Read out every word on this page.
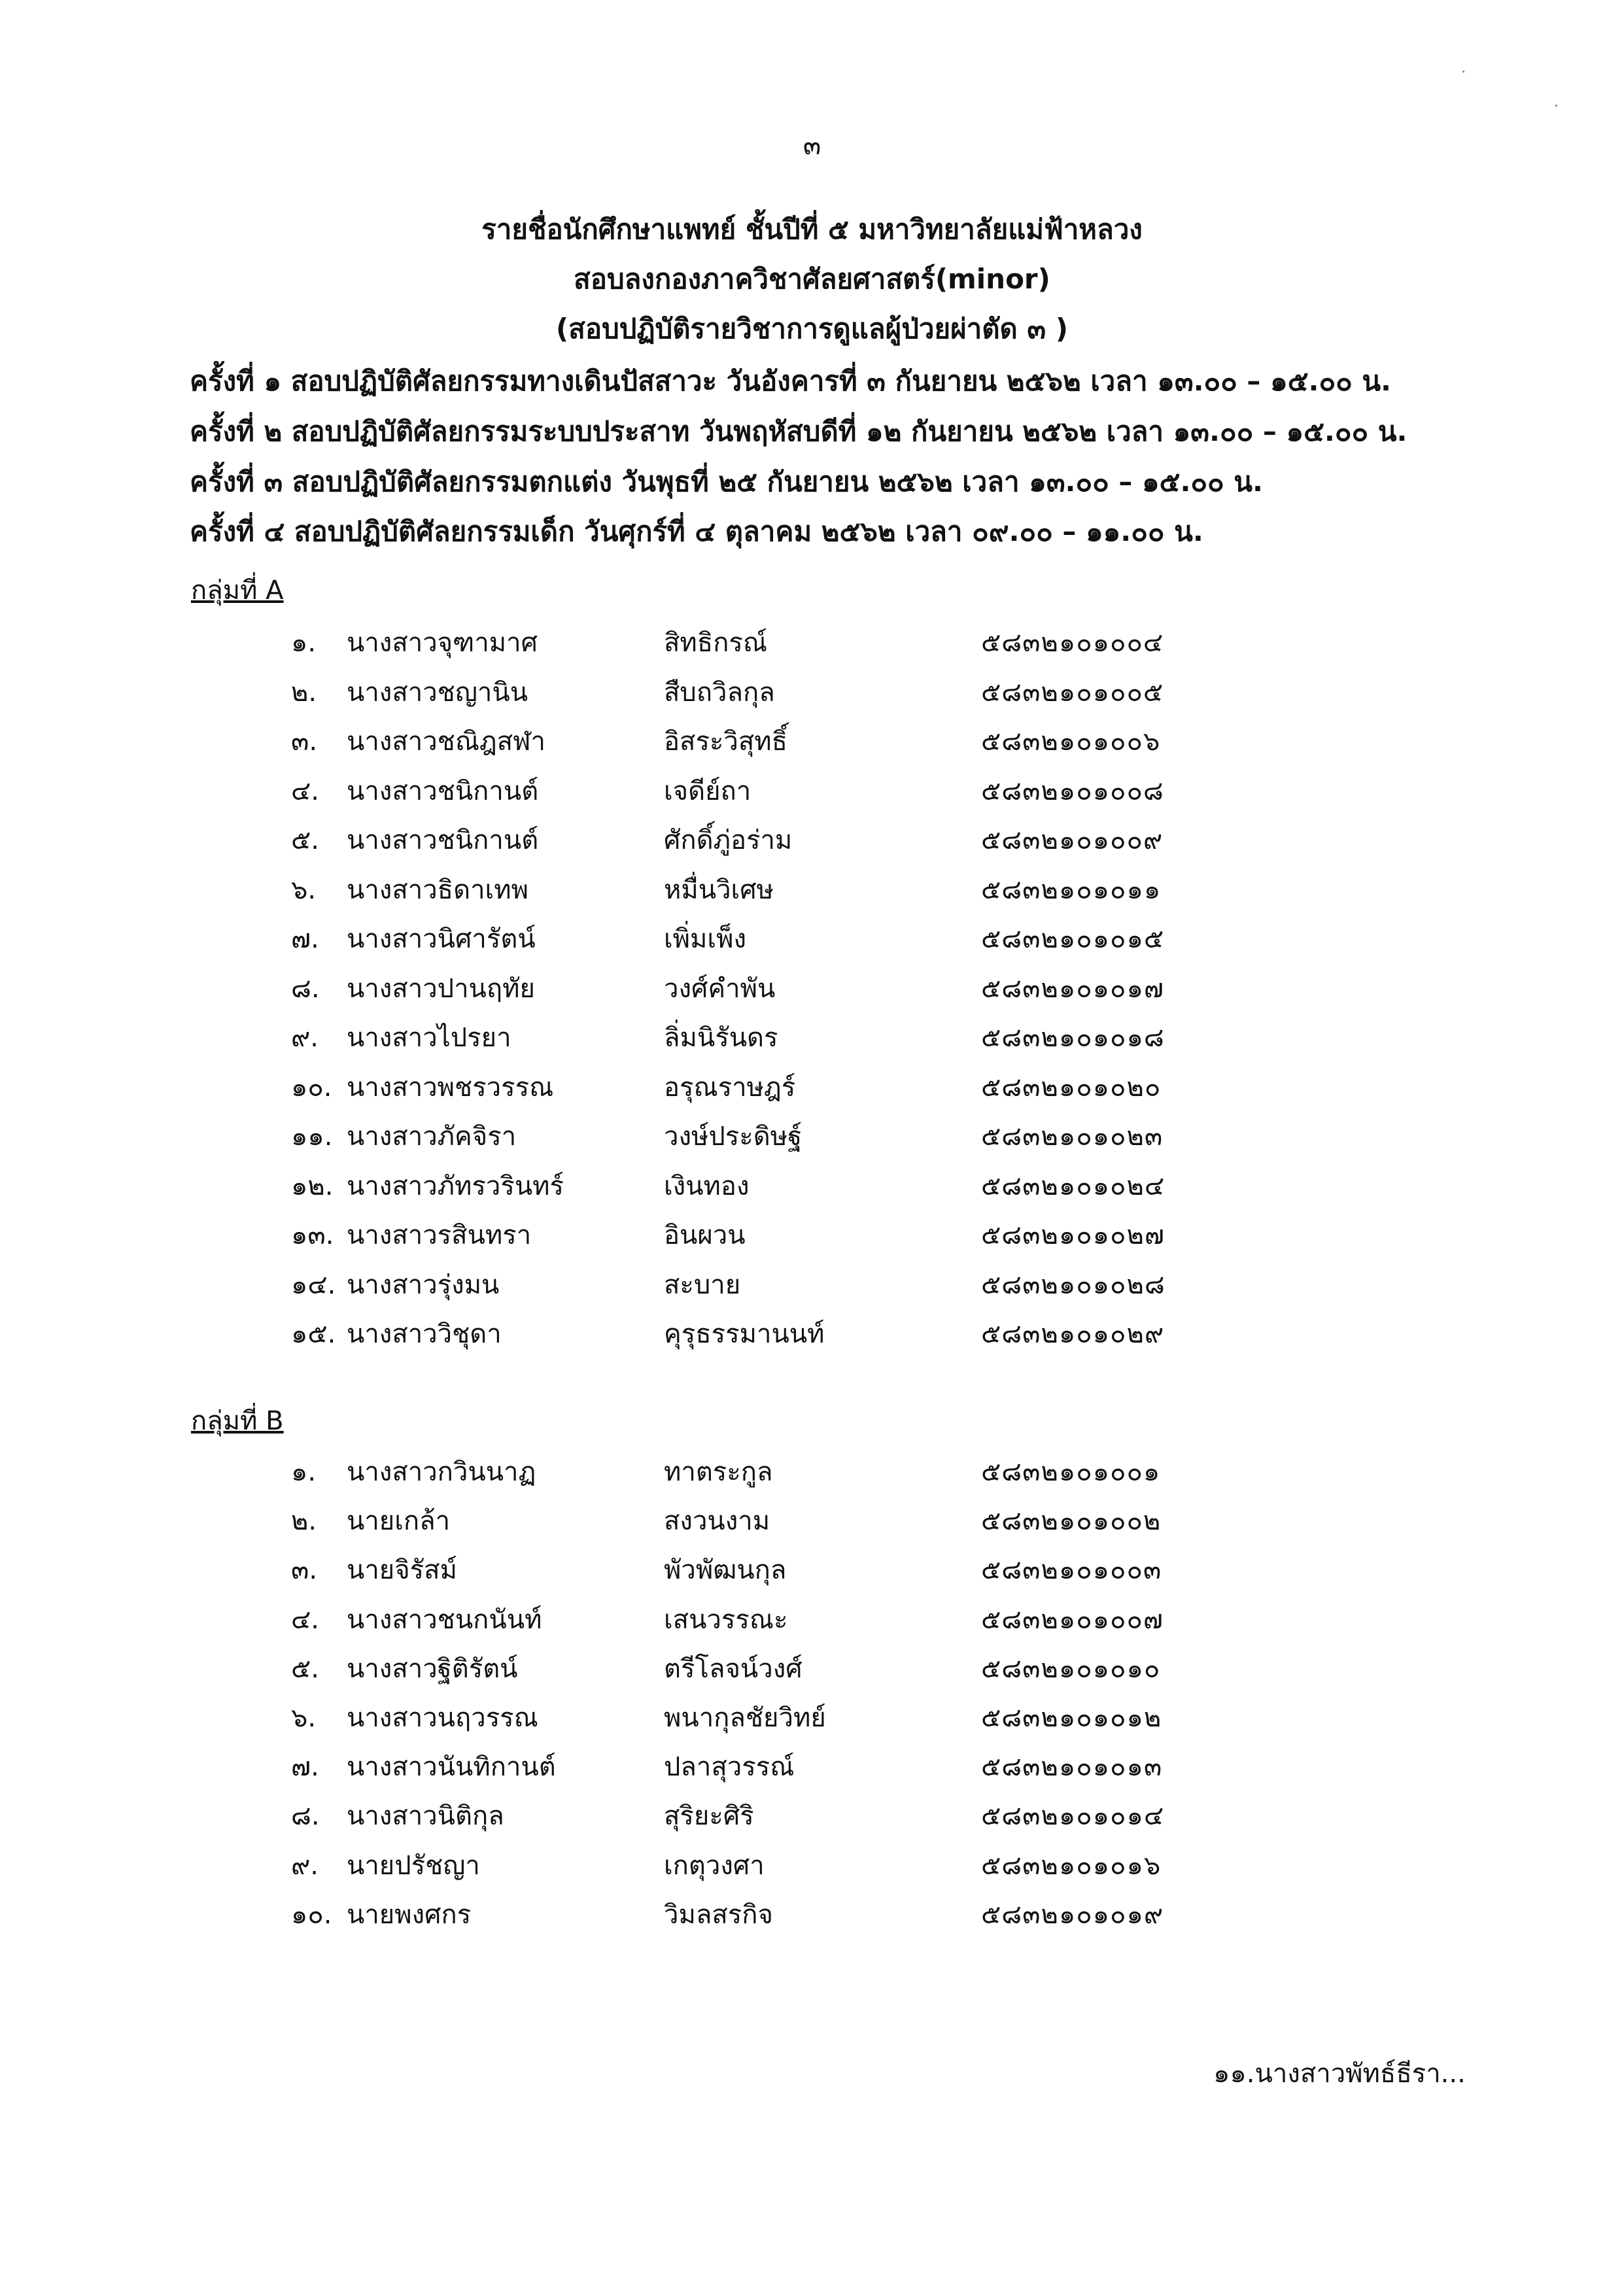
๓
รายชื่อนักศึกษาแพทย์ ชั้นปีที่ ๕ มหาวิทยาลัยแม่ฟ้าหลวง
สอบลงกองภาควิชาศัลยศาสตร์(minor)
(สอบปฏิบัติรายวิชาการดูแลผู้ป่วยผ่าตัด ๓ )
ครั้งที่ ๑ สอบปฏิบัติศัลยกรรมทางเดินปัสสาวะ วันอังคารที่ ๓ กันยายน ๒๕๖๒ เวลา ๑๓.๐๐ – ๑๕.๐๐ น.
ครั้งที่ ๒ สอบปฏิบัติศัลยกรรมระบบประสาท วันพฤหัสบดีที่ ๑๒ กันยายน ๒๕๖๒ เวลา ๑๓.๐๐ – ๑๕.๐๐ น.
ครั้งที่ ๓ สอบปฏิบัติศัลยกรรมตกแต่ง วันพุธที่ ๒๕ กันยายน ๒๕๖๒ เวลา ๑๓.๐๐ – ๑๕.๐๐ น.
ครั้งที่ ๔ สอบปฏิบัติศัลยกรรมเด็ก วันศุกร์ที่ ๔ ตุลาคม ๒๕๖๒ เวลา ๐๙.๐๐ – ๑๑.๐๐ น.
กลุ่มที่ A
๑. นางสาวจุฑามาศ	สิทธิกรณ์	๕๘๓๒๑๐๑๐๐๔
๒. นางสาวชญานิน	สืบถวิลกุล	๕๘๓๒๑๐๑๐๐๕
๓. นางสาวชณิฎสฬา	อิสระวิสุทธิ์	๕๘๓๒๑๐๑๐๐๖
๔. นางสาวชนิกานต์	เจดีย์ถา	๕๘๓๒๑๐๑๐๐๘
๕. นางสาวชนิกานต์	ศักดิ์ภู่อร่าม	๕๘๓๒๑๐๑๐๐๙
๖. นางสาวธิดาเทพ	หมื่นวิเศษ	๕๘๓๒๑๐๑๐๑๑
๗. นางสาวนิศารัตน์	เพิ่มเพ็ง	๕๘๓๒๑๐๑๐๑๕
๘. นางสาวปานฤทัย	วงศ์คำพัน	๕๘๓๒๑๐๑๐๑๗
๙. นางสาวไปรยา	ลิ่มนิรันดร	๕๘๓๒๑๐๑๐๑๘
๑๐. นางสาวพชรวรรณ	อรุณราษฎร์	๕๘๓๒๑๐๑๐๒๐
๑๑. นางสาวภัคจิรา	วงษ์ประดิษฐ์	๕๘๓๒๑๐๑๐๒๓
๑๒. นางสาวภัทรวรินทร์	เงินทอง	๕๘๓๒๑๐๑๐๒๔
๑๓. นางสาวรสินทรา	อินผวน	๕๘๓๒๑๐๑๐๒๗
๑๔. นางสาวรุ่งมน	สะบาย	๕๘๓๒๑๐๑๐๒๘
๑๕. นางสาววิชุดา	คุรุธรรมานนท์	๕๘๓๒๑๐๑๐๒๙
กลุ่มที่ B
๑. นางสาวกวินนาฏ	ทาตระกูล	๕๘๓๒๑๐๑๐๐๑
๒. นายเกล้า	สงวนงาม	๕๘๓๒๑๐๑๐๐๒
๓. นายจิรัสม์	พัวพัฒนกุล	๕๘๓๒๑๐๑๐๐๓
๔. นางสาวชนกนันท์	เสนวรรณะ	๕๘๓๒๑๐๑๐๐๗
๕. นางสาวฐิติรัตน์	ตรีโลจน์วงศ์	๕๘๓๒๑๐๑๐๑๐
๖. นางสาวนฤวรรณ	พนากุลชัยวิทย์	๕๘๓๒๑๐๑๐๑๒
๗. นางสาวนันทิกานต์	ปลาสุวรรณ์	๕๘๓๒๑๐๑๐๑๓
๘. นางสาวนิติกุล	สุริยะศิริ	๕๘๓๒๑๐๑๐๑๔
๙. นายปรัชญา	เกตุวงศา	๕๘๓๒๑๐๑๐๑๖
๑๐. นายพงศกร	วิมลสรกิจ	๕๘๓๒๑๐๑๐๑๙
๑๑.นางสาวพัทธ์ธีรา...
